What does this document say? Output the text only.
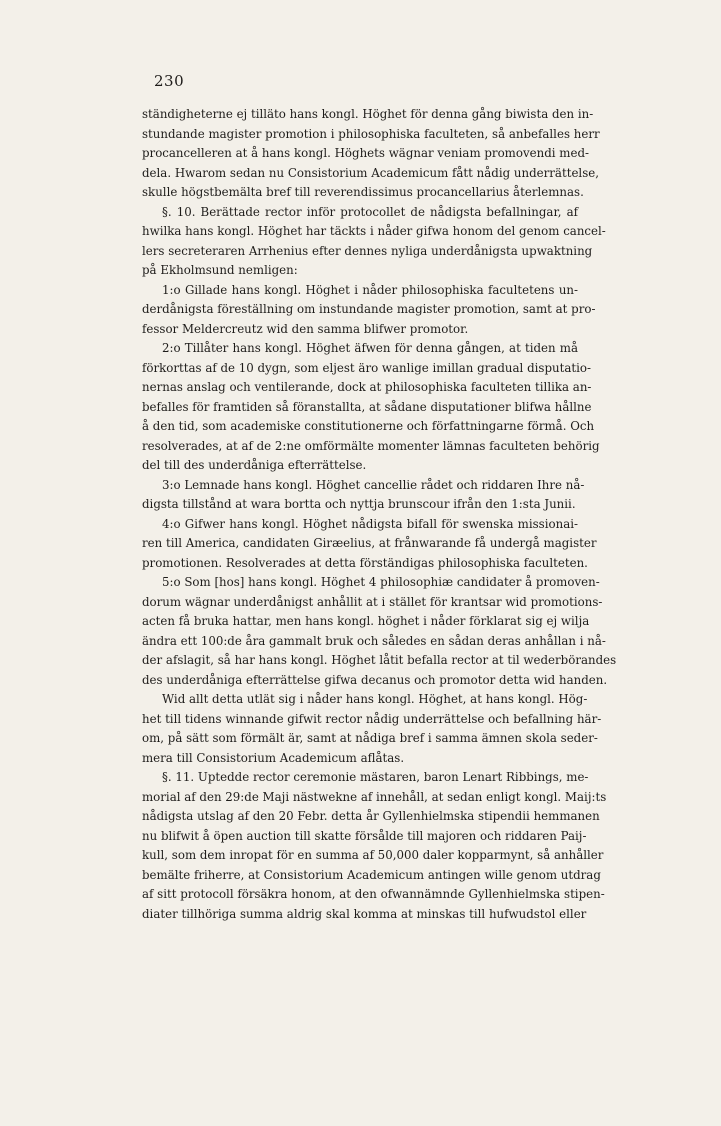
230
ständigheterne ej tilläto hans kongl. Höghet för denna gång biwista den in-
stundande magister promotion i philosophiska faculteten, så anbefalles herr
procancelleren at å hans kongl. Höghets wägnar veniam promovendi med-
dela. Hwarom sedan nu Consistorium Academicum fått nådig underrättelse,
skulle högstbemälta bref till reverendissimus procancellarius återlemnas.
§. 10. Berättade rector inför protocollet de nådigsta befallningar, af
hwilka hans kongl. Höghet har täckts i nåder gifwa honom del genom cancel-
lers secreteraren Arrhenius efter dennes nyliga underdånigsta upwaktning
på Ekholmsund nemligen:
1:o Gillade hans kongl. Höghet i nåder philosophiska facultetens un-
derdånigsta föreställning om instundande magister promotion, samt at pro-
fessor Meldercreutz wid den samma blifwer promotor.
2:o Tillåter hans kongl. Höghet äfwen för denna gången, at tiden må
förkorttas af de 10 dygn, som eljest äro wanlige imillan gradual disputatio-
nernas anslag och ventilerande, dock at philosophiska faculteten tillika an-
befalles för framtiden så föranstallta, at sådane disputationer blifwa hållne
å den tid, som academiske constitutionerne och författningarne förmå. Och
resolverades, at af de 2:ne omförmälte momenter lämnas faculteten behörig
del till des underdåniga efterrättelse.
3:o Lemnade hans kongl. Höghet cancellie rådet och riddaren Ihre nå-
digsta tillstånd at wara bortta och nyttja brunscour ifrån den 1:sta Junii.
4:o Gifwer hans kongl. Höghet nådigsta bifall för swenska missionai-
ren till America, candidaten Giræelius, at frånwarande få undergå magister
promotionen. Resolverades at detta förständigas philosophiska faculteten.
5:o Som [hos] hans kongl. Höghet 4 philosophiæ candidater å promoven-
dorum wägnar underdånigst anhållit at i stället för krantsar wid promotions-
acten få bruka hattar, men hans kongl. höghet i nåder förklarat sig ej wilja
ändra ett 100:de åra gammalt bruk och således en sådan deras anhållan i nå-
der afslagit, så har hans kongl. Höghet låtit befalla rector at til wederbörandes
des underdåniga efterrättelse gifwa decanus och promotor detta wid handen.
Wid allt detta utlät sig i nåder hans kongl. Höghet, at hans kongl. Hög-
het till tidens winnande gifwit rector nådig underrättelse och befallning här-
om, på sätt som förmält är, samt at nådiga bref i samma ämnen skola seder-
mera till Consistorium Academicum aflåtas.
§. 11. Uptedde rector ceremonie mästaren, baron Lenart Ribbings, me-
morial af den 29:de Maji nästwekne af innehåll, at sedan enligt kongl. Maij:ts
nådigsta utslag af den 20 Febr. detta år Gyllenhielmska stipendii hemmanen
nu blifwit å öpen auction till skatte försålde till majoren och riddaren Paij-
kull, som dem inropat för en summa af 50,000 daler kopparmynt, så anhåller
bemälte friherre, at Consistorium Academicum antingen wille genom utdrag
af sitt protocoll försäkra honom, at den ofwannämnde Gyllenhielmska stipen-
diater tillhöriga summa aldrig skal komma at minskas till hufwudstol eller
